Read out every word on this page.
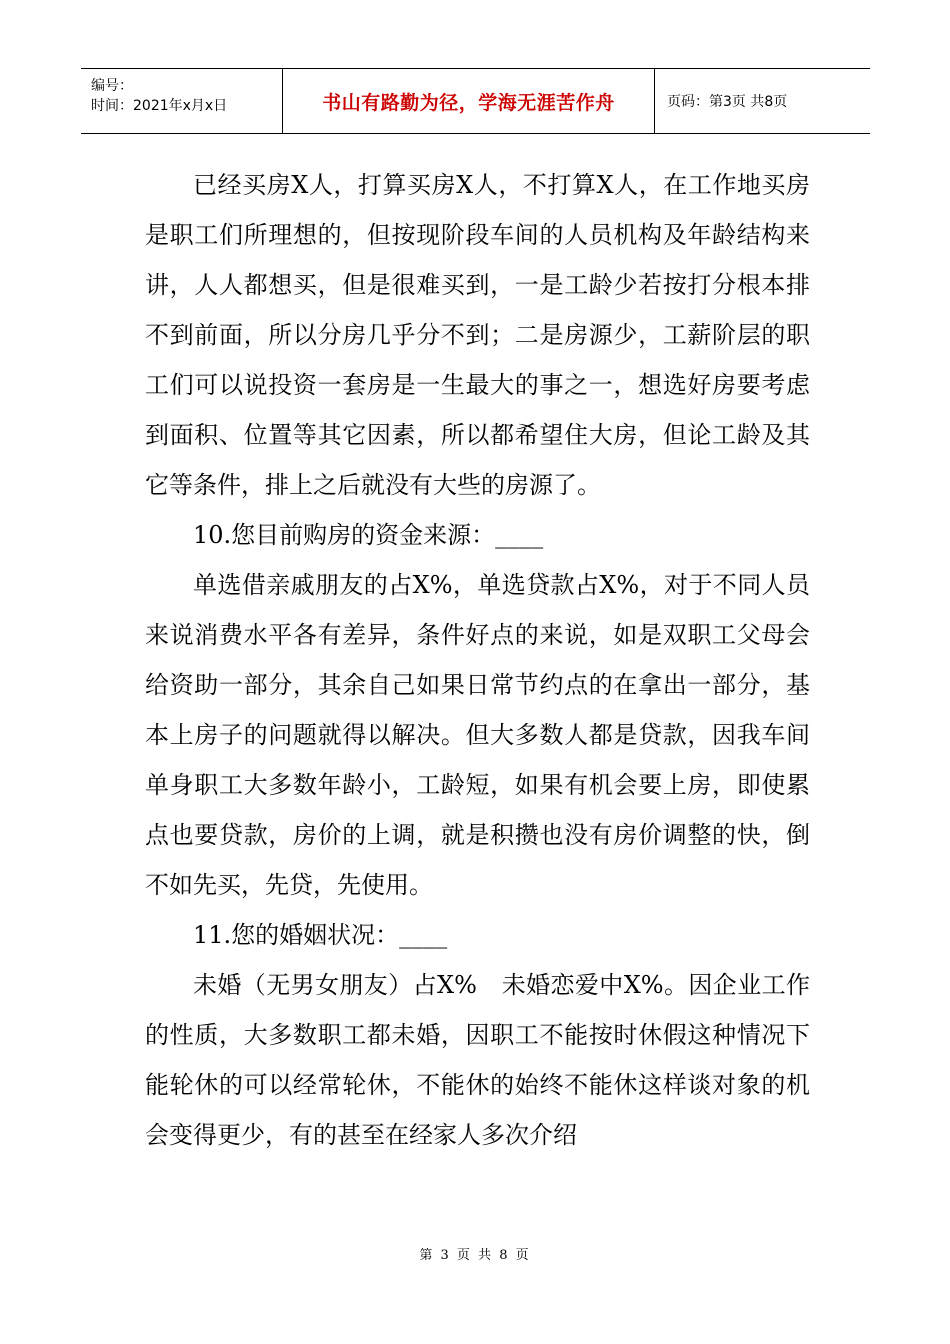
编号：
时间：2021年x月x日	书山有路勤为径，学海无涯苦作舟	页码：第3页 共8页

已经买房X人，打算买房X人，不打算X人，在工作地买房是职工们所理想的，但按现阶段车间的人员机构及年龄结构来讲，人人都想买，但是很难买到，一是工龄少若按打分根本排不到前面，所以分房几乎分不到；二是房源少，工薪阶层的职工们可以说投资一套房是一生最大的事之一，想选好房要考虑到面积、位置等其它因素，所以都希望住大房，但论工龄及其它等条件，排上之后就没有大些的房源了。

10.您目前购房的资金来源：____

单选借亲戚朋友的占X%，单选贷款占X%，对于不同人员来说消费水平各有差异，条件好点的来说，如是双职工父母会给资助一部分，其余自己如果日常节约点的在拿出一部分，基本上房子的问题就得以解决。但大多数人都是贷款，因我车间单身职工大多数年龄小，工龄短，如果有机会要上房，即使累点也要贷款，房价的上调，就是积攒也没有房价调整的快，倒不如先买，先贷，先使用。

11.您的婚姻状况：____

未婚（无男女朋友）占X%　未婚恋爱中X%。因企业工作的性质，大多数职工都未婚，因职工不能按时休假这种情况下能轮休的可以经常轮休，不能休的始终不能休这样谈对象的机会变得更少，有的甚至在经家人多次介绍

第 3 页 共 8 页
